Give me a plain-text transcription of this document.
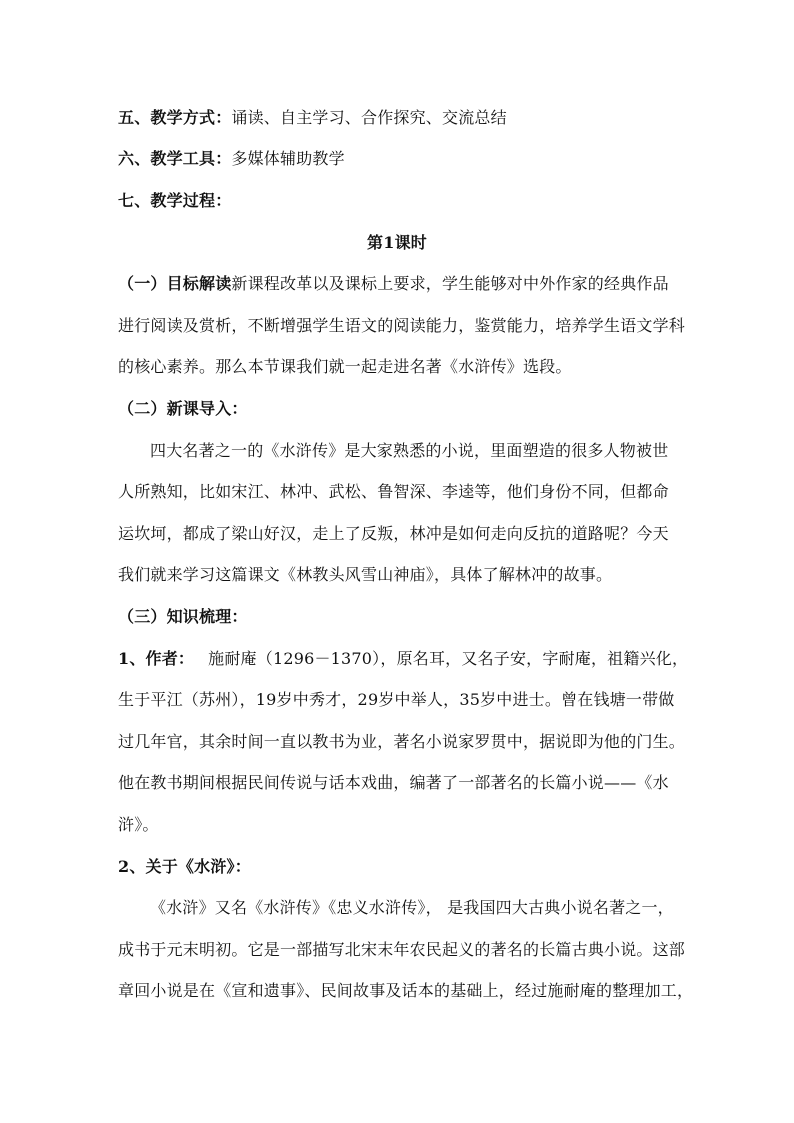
五、教学方式：诵读、自主学习、合作探究、交流总结
六、教学工具：多媒体辅助教学
七、教学过程：
第1课时
（一）目标解读新课程改革以及课标上要求，学生能够对中外作家的经典作品
进行阅读及赏析，不断增强学生语文的阅读能力，鉴赏能力，培养学生语文学科
的核心素养。那么本节课我们就一起走进名著《水浒传》选段。
（二）新课导入：
四大名著之一的《水浒传》是大家熟悉的小说，里面塑造的很多人物被世
人所熟知，比如宋江、林冲、武松、鲁智深、李逵等，他们身份不同，但都命
运坎坷，都成了梁山好汉，走上了反叛，林冲是如何走向反抗的道路呢？今天
我们就来学习这篇课文《林教头风雪山神庙》，具体了解林冲的故事。
（三）知识梳理：
1、作者： 施耐庵（1296－1370），原名耳，又名子安，字耐庵，祖籍兴化，
生于平江（苏州），19岁中秀才，29岁中举人，35岁中进士。曾在钱塘一带做
过几年官，其余时间一直以教书为业，著名小说家罗贯中，据说即为他的门生。
他在教书期间根据民间传说与话本戏曲，编著了一部著名的长篇小说——《水
浒》。
2、关于《水浒》：
《水浒》又名《水浒传》《忠义水浒传》， 是我国四大古典小说名著之一，
成书于元末明初。它是一部描写北宋末年农民起义的著名的长篇古典小说。这部
章回小说是在《宣和遗事》、民间故事及话本的基础上，经过施耐庵的整理加工，
